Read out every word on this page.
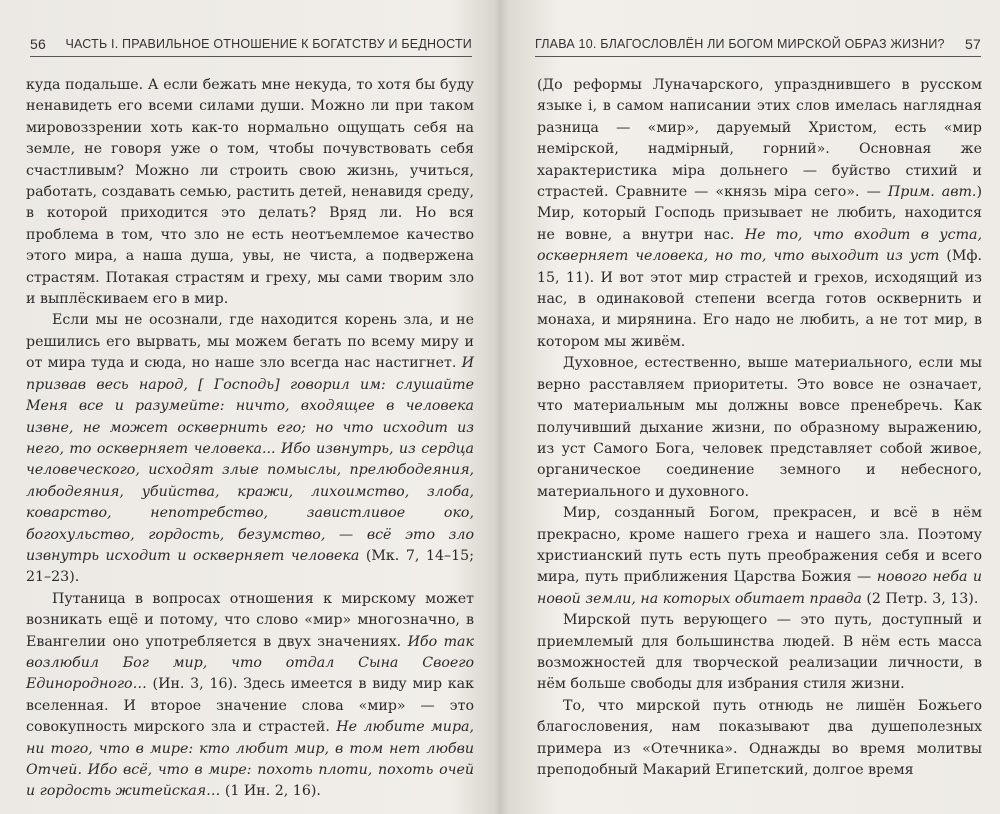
56 ЧАСТЬ I. ПРАВИЛЬНОЕ ОТНОШЕНИЕ К БОГАТСТВУ И БЕДНОСТИ

куда подальше. А если бежать мне некуда, то хотя бы буду ненавидеть его всеми силами души. Можно ли при таком мировоззрении хоть как-то нормально ощущать себя на земле, не говоря уже о том, чтобы почувствовать себя счастливым? Можно ли строить свою жизнь, учиться, работать, создавать семью, растить детей, ненавидя среду, в которой приходится это делать? Вряд ли. Но вся проблема в том, что зло не есть неотъемлемое качество этого мира, а наша душа, увы, не чиста, а подвержена страстям. Потакая страстям и греху, мы сами творим зло и выплёскиваем его в мир.

Если мы не осознали, где находится корень зла, и не решились его вырвать, мы можем бегать по всему миру и от мира туда и сюда, но наше зло всегда нас настигнет. И призвав весь народ, [ Господь] говорил им: слушайте Меня все и разумейте: ничто, входящее в человека извне, не может осквернить его; но что исходит из него, то оскверняет человека... Ибо извнутрь, из сердца человеческого, исходят злые помыслы, прелюбодеяния, любодеяния, убийства, кражи, лихоимство, злоба, коварство, непотребство, завистливое око, богохульство, гордость, безумство, — всё это зло извнутрь исходит и оскверняет человека (Мк. 7, 14–15; 21–23).

Путаница в вопросах отношения к мирскому может возникать ещё и потому, что слово «мир» многозначно, в Евангелии оно употребляется в двух значениях. Ибо так возлюбил Бог мир, что отдал Сына Своего Единородного… (Ин. 3, 16). Здесь имеется в виду мир как вселенная. И второе значение слова «мир» — это совокупность мирского зла и страстей. Не любите мира, ни того, что в мире: кто любит мир, в том нет любви Отчей. Ибо всё, что в мире: похоть плоти, похоть очей и гордость житейская… (1 Ин. 2, 16).

ГЛАВА 10. БЛАГОСЛОВЛЁН ЛИ БОГОМ МИРСКОЙ ОБРАЗ ЖИЗНИ? 57

(До реформы Луначарского, упразднившего в русском языке і, в самом написании этих слов имелась наглядная разница — «мир», даруемый Христом, есть «мир немірской, надмірный, горний». Основная же характеристика міра дольнего — буйство стихий и страстей. Сравните — «князь міра сего». — Прим. авт.) Мир, который Господь призывает не любить, находится не вовне, а внутри нас. Не то, что входит в уста, оскверняет человека, но то, что выходит из уст (Мф. 15, 11). И вот этот мир страстей и грехов, исходящий из нас, в одинаковой степени всегда готов осквернить и монаха, и мирянина. Его надо не любить, а не тот мир, в котором мы живём.

Духовное, естественно, выше материального, если мы верно расставляем приоритеты. Это вовсе не означает, что материальным мы должны вовсе пренебречь. Как получивший дыхание жизни, по образному выражению, из уст Самого Бога, человек представляет собой живое, органическое соединение земного и небесного, материального и духовного.

Мир, созданный Богом, прекрасен, и всё в нём прекрасно, кроме нашего греха и нашего зла. Поэтому христианский путь есть путь преображения себя и всего мира, путь приближения Царства Божия — нового неба и новой земли, на которых обитает правда (2 Петр. 3, 13).

Мирской путь верующего — это путь, доступный и приемлемый для большинства людей. В нём есть масса возможностей для творческой реализации личности, в нём больше свободы для избрания стиля жизни.

То, что мирской путь отнюдь не лишён Божьего благословения, нам показывают два душеполезных примера из «Отечника». Однажды во время молитвы преподобный Макарий Египетский, долгое время
